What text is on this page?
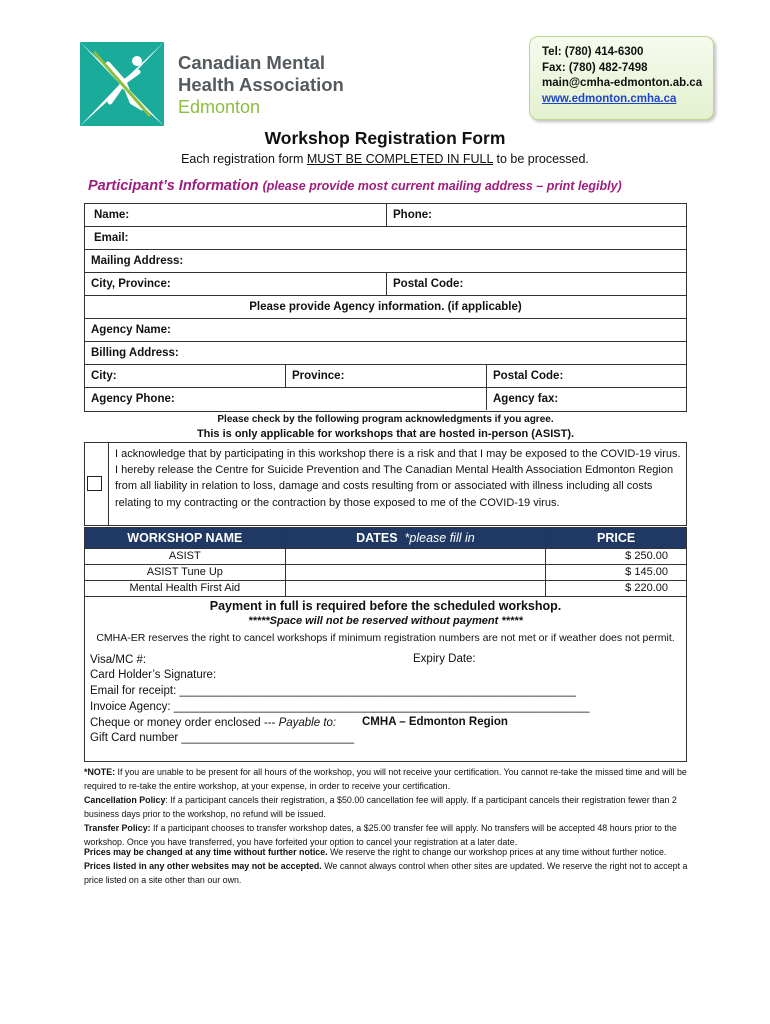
Canadian Mental
Health Association
Edmonton
Tel: (780) 414-6300
Fax: (780) 482-7498
main@cmha-edmonton.ab.ca
www.edmonton.cmha.ca
Workshop Registration Form
Each registration form MUST BE COMPLETED IN FULL to be processed.
Participant’s Information (please provide most current mailing address – print legibly)
Name:	Phone:
Email:
Mailing Address:
City, Province:	Postal Code:
Please provide Agency information. (if applicable)
Agency Name:
Billing Address:
City:	Province:	Postal Code:
Agency Phone:	Agency fax:
Please check by the following program acknowledgments if you agree.
This is only applicable for workshops that are hosted in-person (ASIST).
I acknowledge that by participating in this workshop there is a risk and that I may be exposed to the COVID-19 virus. I hereby release the Centre for Suicide Prevention and The Canadian Mental Health Association Edmonton Region from all liability in relation to loss, damage and costs resulting from or associated with illness including all costs relating to my contracting or the contraction by those exposed to me of the COVID-19 virus.
WORKSHOP NAME	DATES *please fill in	PRICE
ASIST		$ 250.00
ASIST Tune Up		$ 145.00
Mental Health First Aid		$ 220.00
Payment in full is required before the scheduled workshop.
*****Space will not be reserved without payment *****
CMHA-ER reserves the right to cancel workshops if minimum registration numbers are not met or if weather does not permit.
Visa/MC #:	Expiry Date:
Card Holder’s Signature:
Email for receipt: ______________________________________________________________
Invoice Agency: _________________________________________________________________
Cheque or money order enclosed --- Payable to: CMHA – Edmonton Region
Gift Card number ___________________________
*NOTE: If you are unable to be present for all hours of the workshop, you will not receive your certification. You cannot re-take the missed time and will be required to re-take the entire workshop, at your expense, in order to receive your certification.
Cancellation Policy: If a participant cancels their registration, a $50.00 cancellation fee will apply. If a participant cancels their registration fewer than 2 business days prior to the workshop, no refund will be issued.
Transfer Policy: If a participant chooses to transfer workshop dates, a $25.00 transfer fee will apply. No transfers will be accepted 48 hours prior to the workshop. Once you have transferred, you have forfeited your option to cancel your registration at a later date.
Prices may be changed at any time without further notice. We reserve the right to change our workshop prices at any time without further notice.
Prices listed in any other websites may not be accepted. We cannot always control when other sites are updated. We reserve the right not to accept a price listed on a site other than our own.
